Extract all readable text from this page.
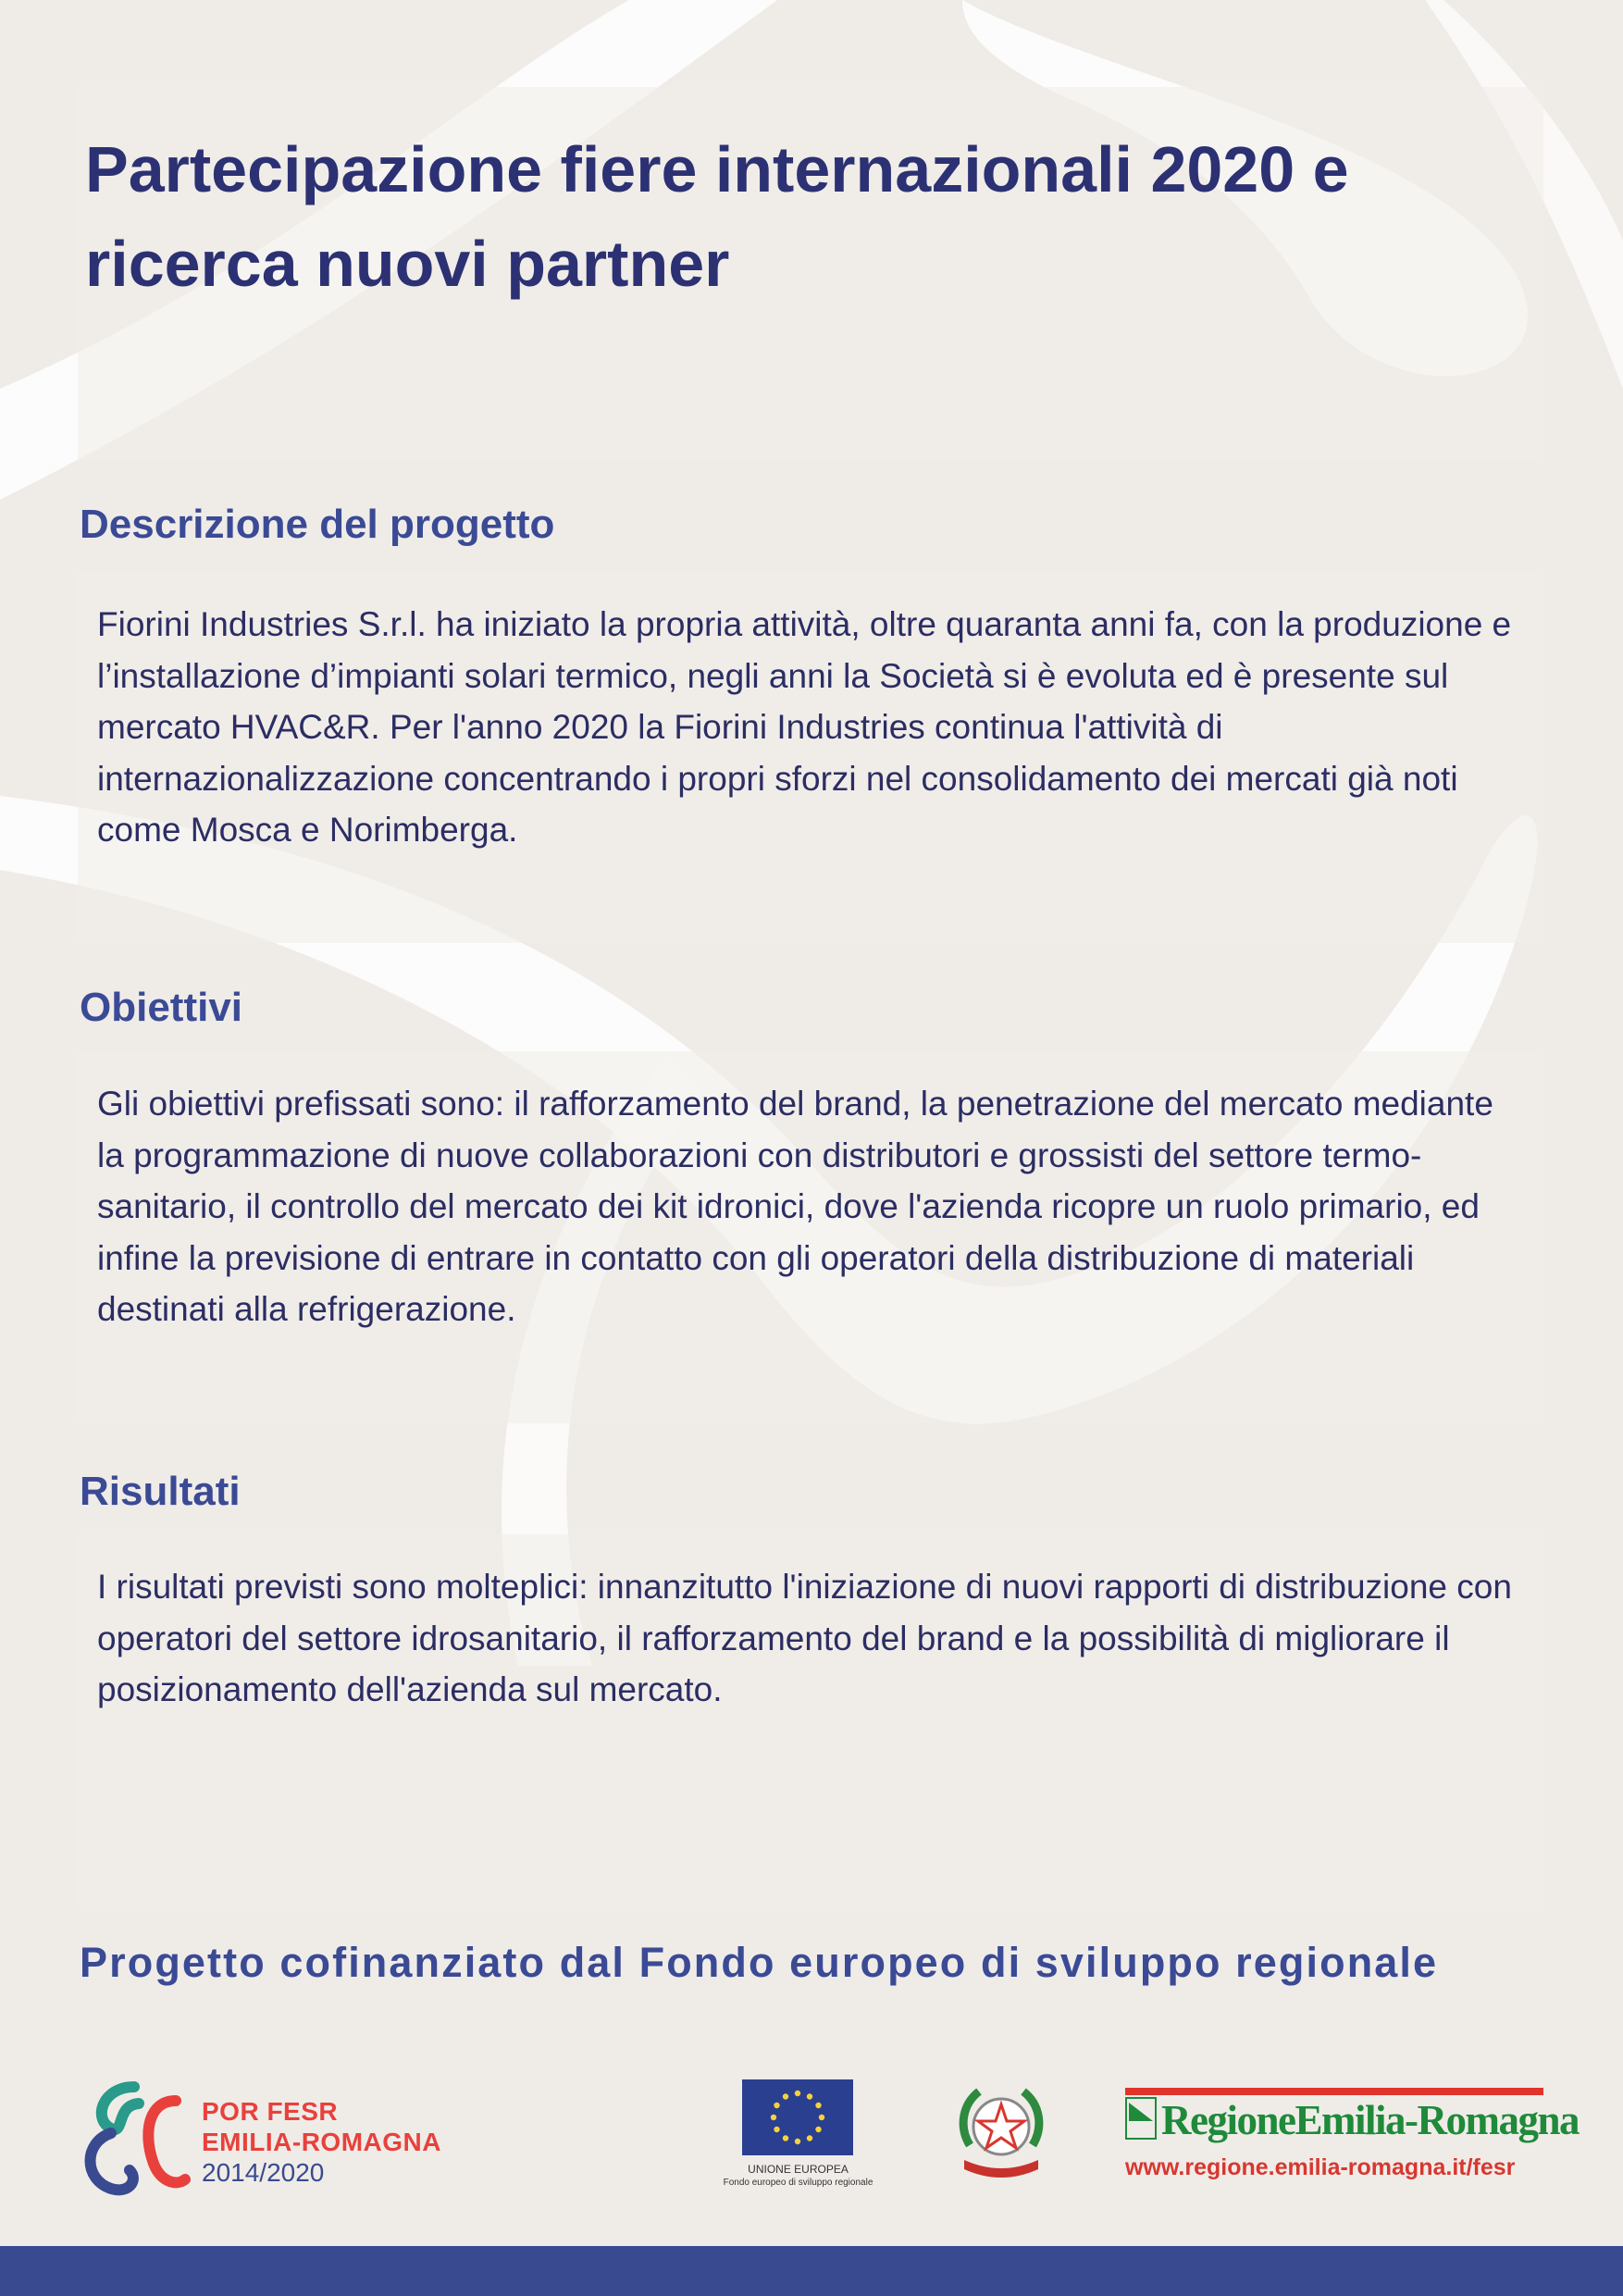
Partecipazione fiere internazionali 2020 e ricerca nuovi partner
Descrizione del progetto

Fiorini Industries S.r.l. ha iniziato la propria attività, oltre quaranta anni fa, con la produzione e l’installazione d’impianti solari termico, negli anni la Società si è evoluta ed è presente sul mercato HVAC&R. Per l'anno 2020 la Fiorini Industries continua l'attività di internazionalizzazione concentrando i propri sforzi nel consolidamento dei mercati già noti come Mosca e Norimberga.

Obiettivi

Gli obiettivi prefissati sono: il rafforzamento del brand, la penetrazione del mercato mediante la programmazione di nuove collaborazioni con distributori e grossisti del settore termo-sanitario, il controllo del mercato dei kit idronici, dove l'azienda ricopre un ruolo primario, ed infine la previsione di entrare in contatto con gli operatori della distribuzione di materiali destinati alla refrigerazione.

Risultati

I risultati previsti sono molteplici: innanzitutto l'iniziazione di nuovi rapporti di distribuzione con operatori del settore idrosanitario, il rafforzamento del brand e la possibilità di migliorare il posizionamento dell'azienda sul mercato.

Progetto cofinanziato dal Fondo europeo di sviluppo regionale

POR FESR
EMILIA-ROMAGNA
2014/2020	UNIONE EUROPEA
Fondo europeo di sviluppo regionale

RegioneEmilia-Romagna

www.regione.emilia-romagna.it/fesr
